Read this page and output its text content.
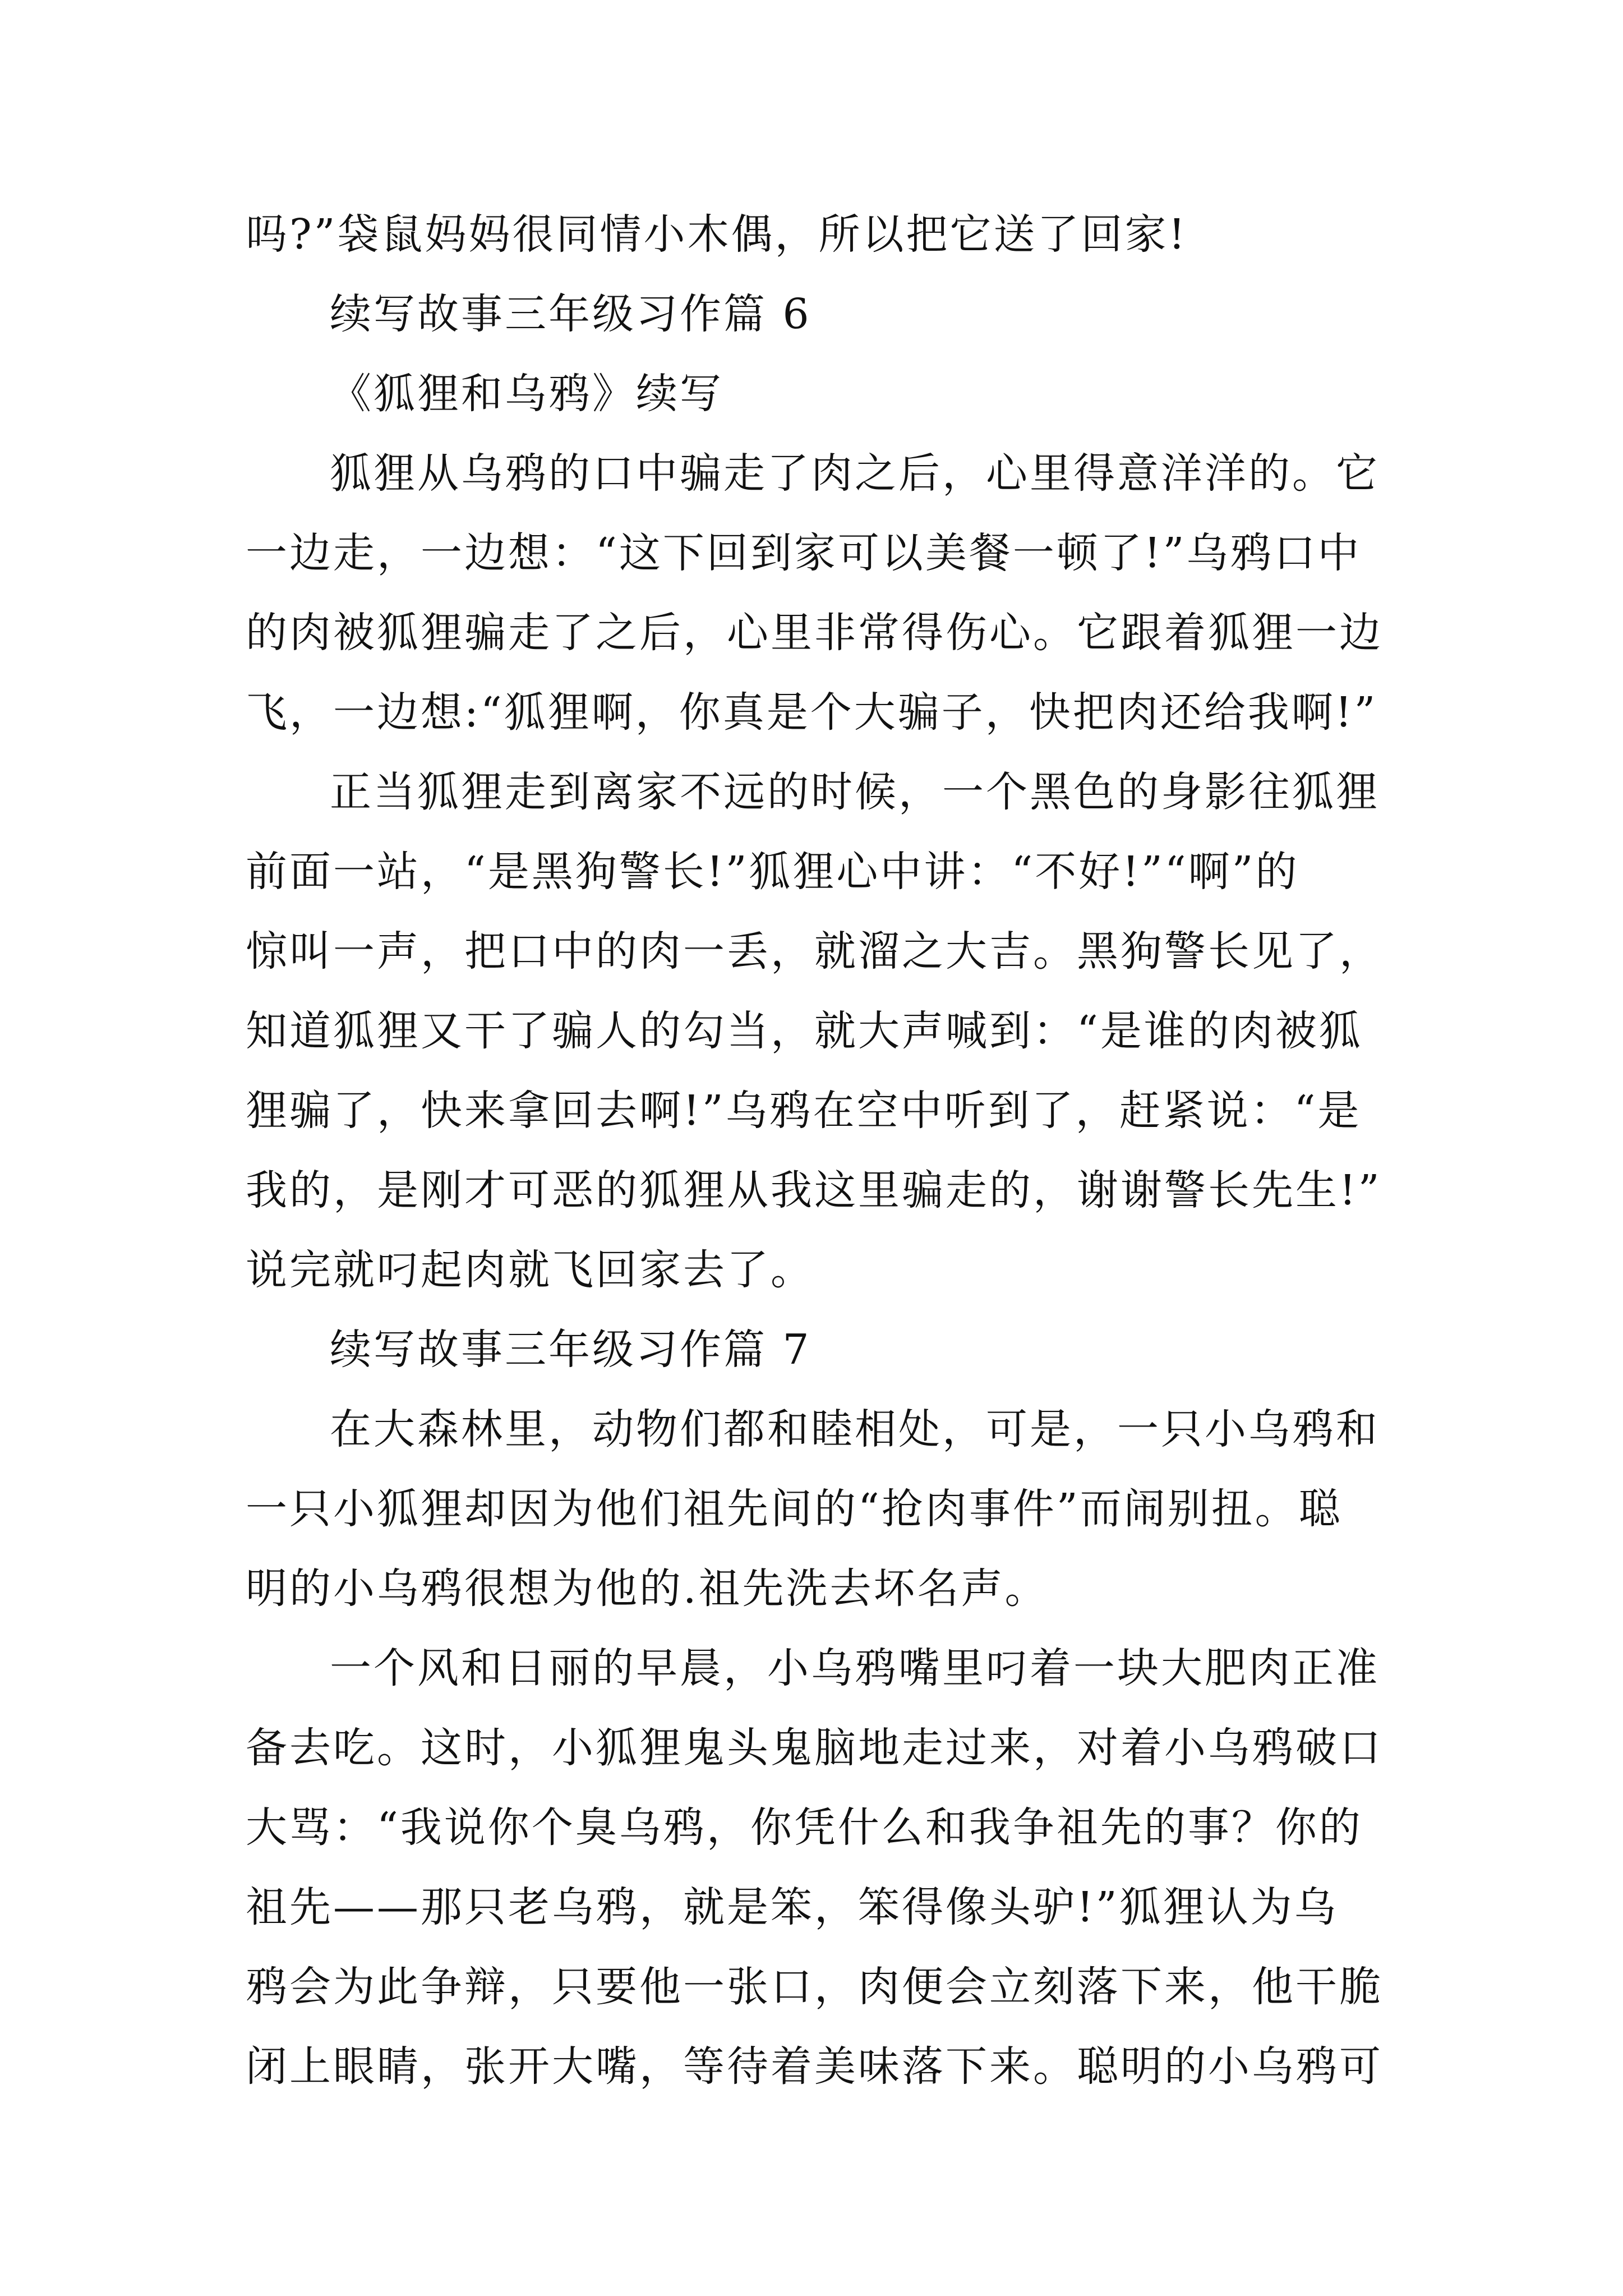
吗?”袋鼠妈妈很同情小木偶，所以把它送了回家!
续写故事三年级习作篇 6
《狐狸和乌鸦》续写
狐狸从乌鸦的口中骗走了肉之后，心里得意洋洋的。它
一边走，一边想：“这下回到家可以美餐一顿了!”乌鸦口中
的肉被狐狸骗走了之后，心里非常得伤心。它跟着狐狸一边
飞，一边想:“狐狸啊，你真是个大骗子，快把肉还给我啊!”
正当狐狸走到离家不远的时候，一个黑色的身影往狐狸
前面一站，“是黑狗警长!”狐狸心中讲：“不好!”“啊”的
惊叫一声，把口中的肉一丢，就溜之大吉。黑狗警长见了，
知道狐狸又干了骗人的勾当，就大声喊到：“是谁的肉被狐
狸骗了，快来拿回去啊!”乌鸦在空中听到了，赶紧说：“是
我的，是刚才可恶的狐狸从我这里骗走的，谢谢警长先生!”
说完就叼起肉就飞回家去了。
续写故事三年级习作篇 7
在大森林里，动物们都和睦相处，可是，一只小乌鸦和
一只小狐狸却因为他们祖先间的“抢肉事件”而闹别扭。聪
明的小乌鸦很想为他的.祖先洗去坏名声。
一个风和日丽的早晨，小乌鸦嘴里叼着一块大肥肉正准
备去吃。这时，小狐狸鬼头鬼脑地走过来，对着小乌鸦破口
大骂：“我说你个臭乌鸦，你凭什么和我争祖先的事？你的
祖先——那只老乌鸦，就是笨，笨得像头驴!”狐狸认为乌
鸦会为此争辩，只要他一张口，肉便会立刻落下来，他干脆
闭上眼睛，张开大嘴，等待着美味落下来。聪明的小乌鸦可
